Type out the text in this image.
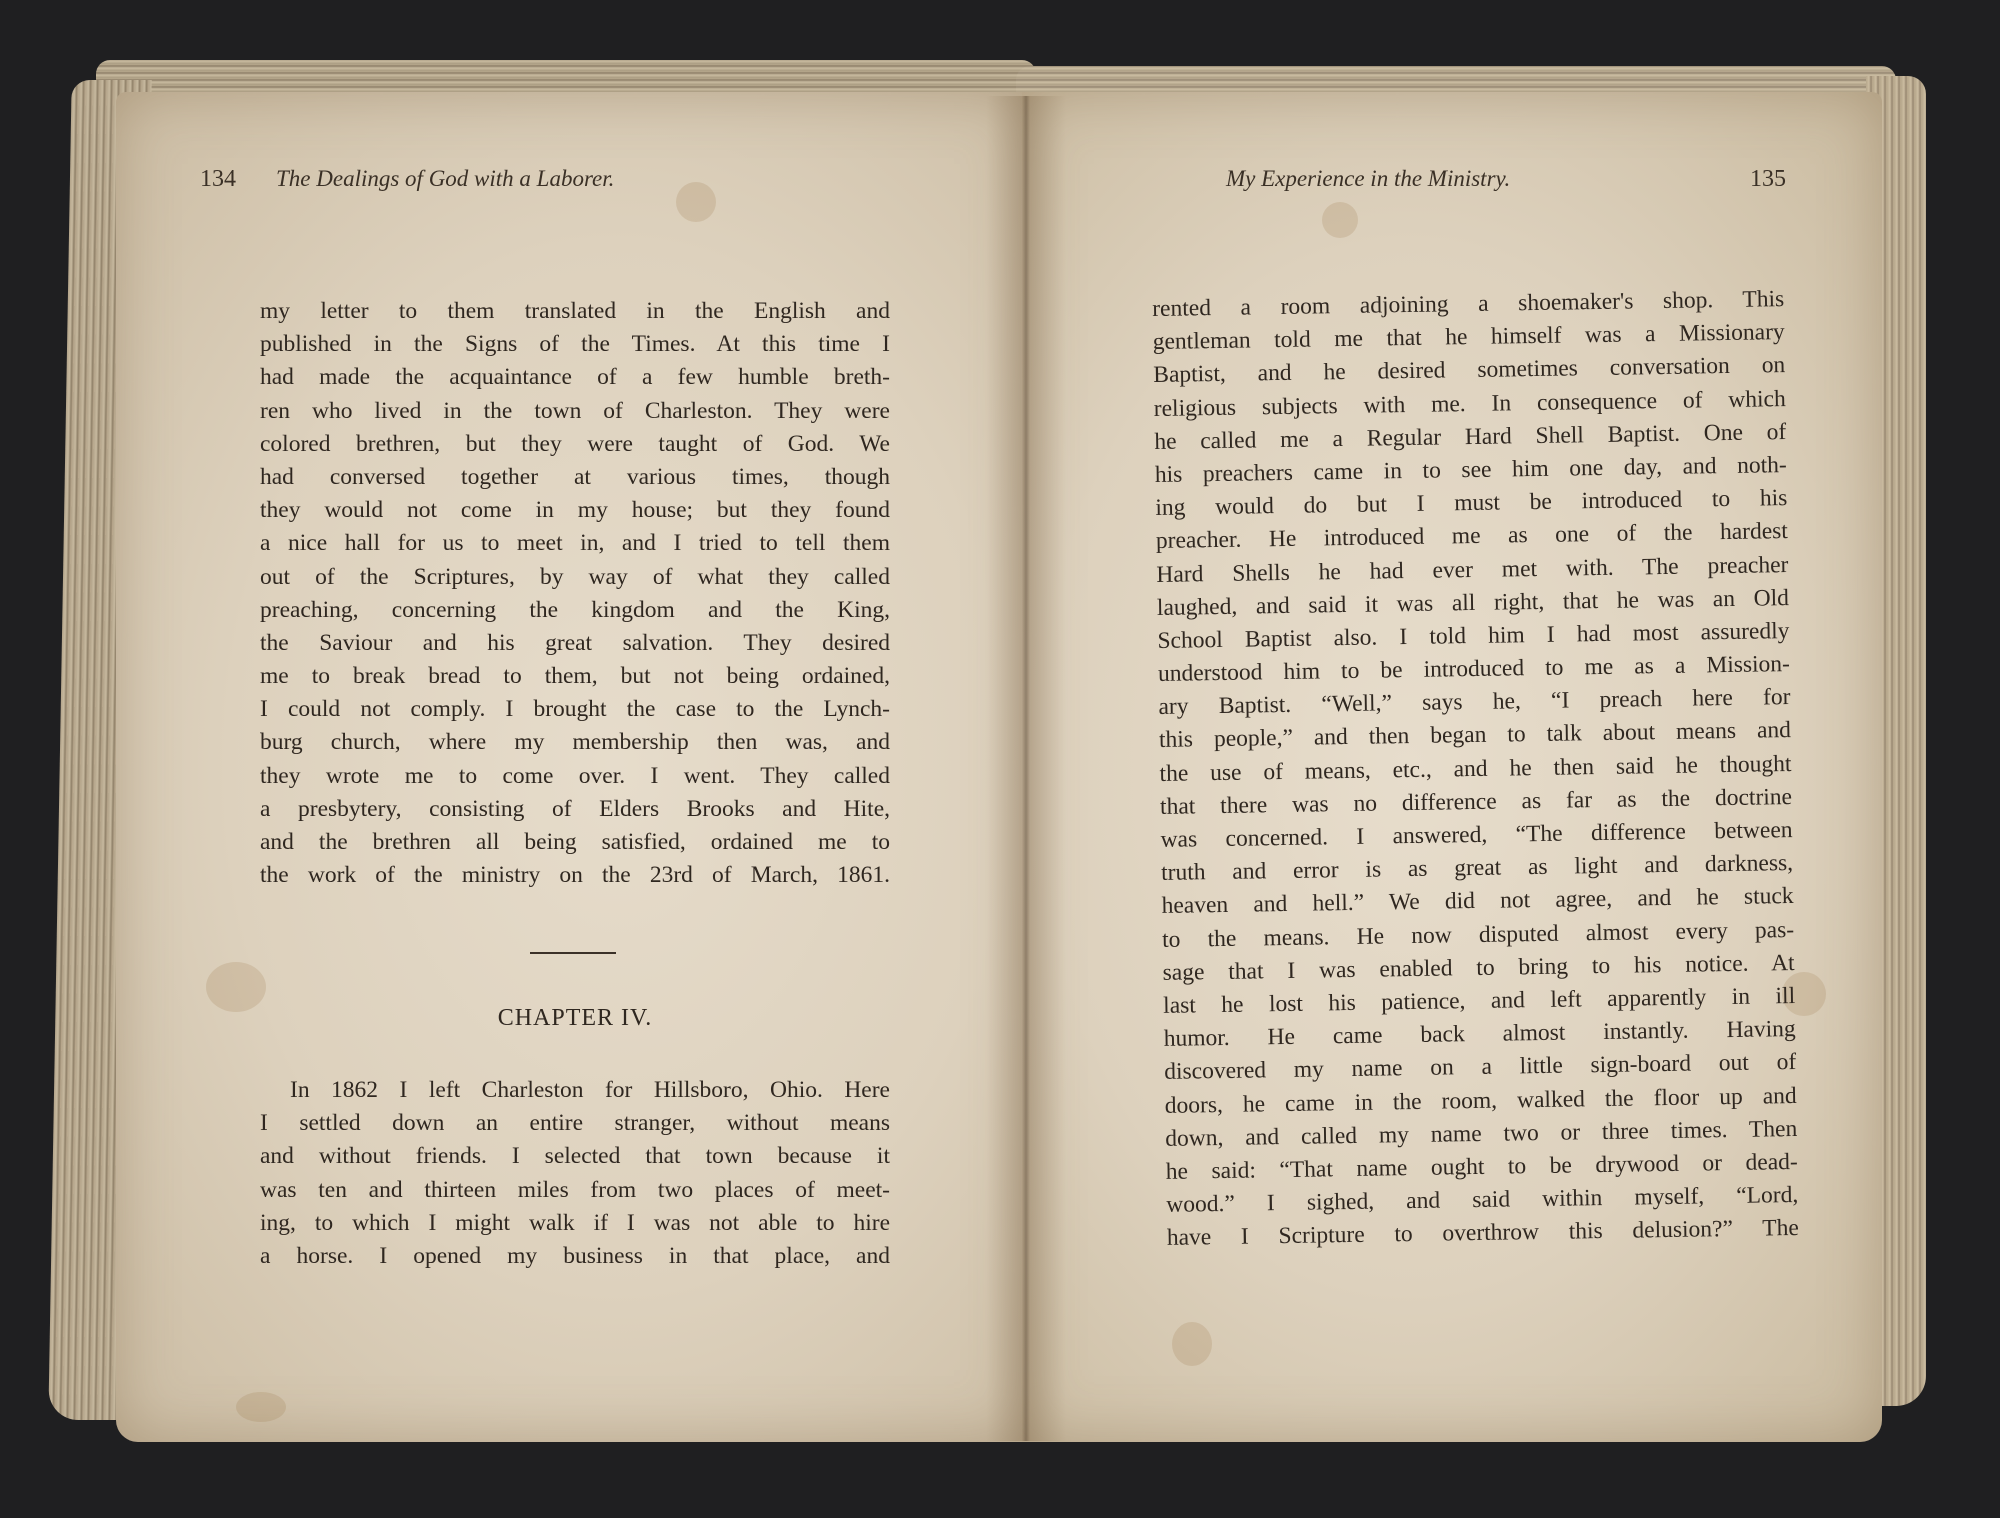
134 The Dealings of God with a Laborer.
my letter to them translated in the English and
published in the Signs of the Times. At this time I
had made the acquaintance of a few humble breth-
ren who lived in the town of Charleston. They were
colored brethren, but they were taught of God. We
had conversed together at various times, though
they would not come in my house; but they found
a nice hall for us to meet in, and I tried to tell them
out of the Scriptures, by way of what they called
preaching, concerning the kingdom and the King,
the Saviour and his great salvation. They desired
me to break bread to them, but not being ordained,
I could not comply. I brought the case to the Lynch-
burg church, where my membership then was, and
they wrote me to come over. I went. They called
a presbytery, consisting of Elders Brooks and Hite,
and the brethren all being satisfied, ordained me to
the work of the ministry on the 23rd of March, 1861.
CHAPTER IV.
In 1862 I left Charleston for Hillsboro, Ohio. Here
I settled down an entire stranger, without means
and without friends. I selected that town because it
was ten and thirteen miles from two places of meet-
ing, to which I might walk if I was not able to hire
a horse. I opened my business in that place, and
My Experience in the Ministry.	135
rented a room adjoining a shoemaker's shop. This
gentleman told me that he himself was a Missionary
Baptist, and he desired sometimes conversation on
religious subjects with me. In consequence of which
he called me a Regular Hard Shell Baptist. One of
his preachers came in to see him one day, and noth-
ing would do but I must be introduced to his
preacher. He introduced me as one of the hardest
Hard Shells he had ever met with. The preacher
laughed, and said it was all right, that he was an Old
School Baptist also. I told him I had most assuredly
understood him to be introduced to me as a Mission-
ary Baptist. “Well,” says he, “I preach here for
this people,” and then began to talk about means and
the use of means, etc., and he then said he thought
that there was no difference as far as the doctrine
was concerned. I answered, “The difference between
truth and error is as great as light and darkness,
heaven and hell.” We did not agree, and he stuck
to the means. He now disputed almost every pas-
sage that I was enabled to bring to his notice. At
last he lost his patience, and left apparently in ill
humor. He came back almost instantly. Having
discovered my name on a little sign-board out of
doors, he came in the room, walked the floor up and
down, and called my name two or three times. Then
he said: “That name ought to be drywood or dead-
wood.” I sighed, and said within myself, “Lord,
have I Scripture to overthrow this delusion?” The
